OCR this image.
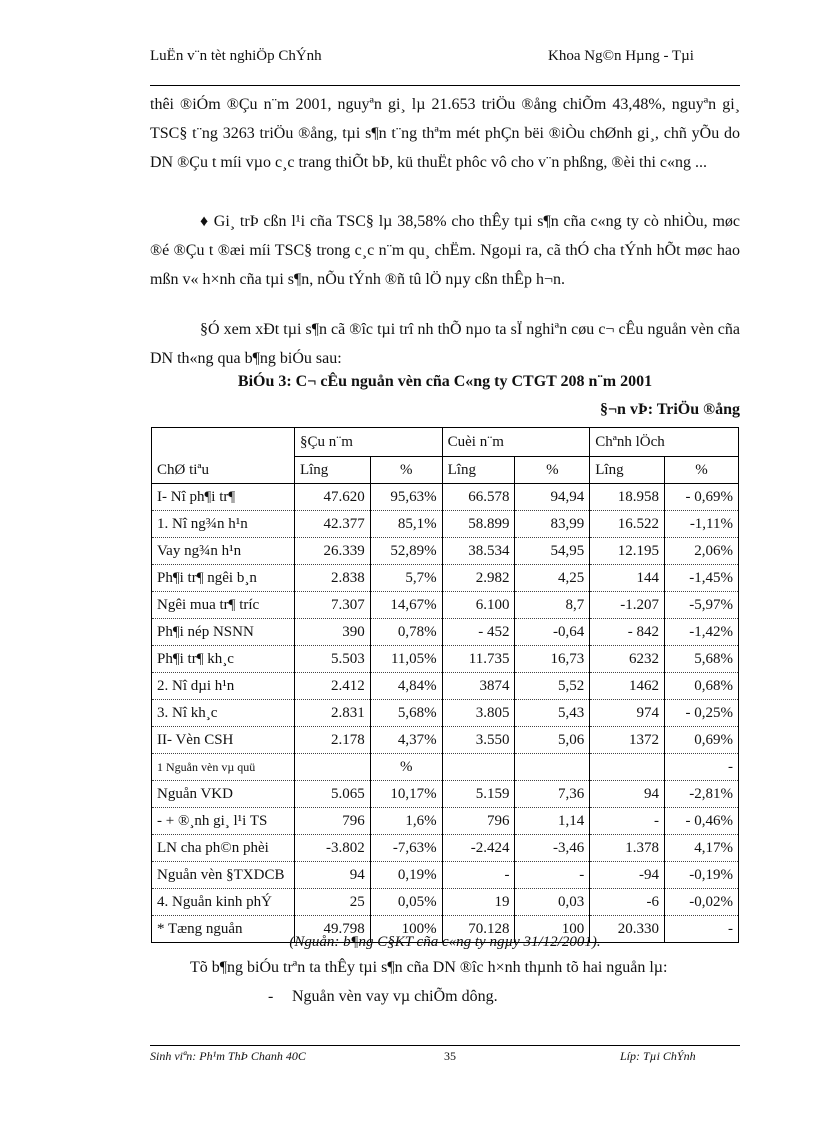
LuËn v¨n tèt nghiÖp ChÝnh	Khoa Ng©n Hµng - Tµi
thêi ®iÓm ®Çu n¨m 2001, nguyªn gi¸ lµ 21.653 triÖu ®ång chiÕm 43,48%, nguyªn gi¸ TSC§ t¨ng 3263 triÖu ®ång, tµi s¶n t¨ng thªm mét phÇn bëi ®iÒu chØnh gi¸, chñ yÕu do DN ®Çu t míi vµo c¸c trang thiÕt bÞ, kü thuËt phôc vô cho v¨n phßng, ®èi thi c«ng ...
♦ Gi¸ trÞ cßn l¹i cña TSC§ lµ 38,58% cho thÊy tµi s¶n cña c«ng ty cò nhiÒu, møc ®é ®Çu t ®æi míi TSC§ trong c¸c n¨m qu¸ chËm. Ngoµi ra, cã thÓ cha tÝnh hÕt møc hao mßn v« h×nh cña tµi s¶n, nÕu tÝnh ®ñ tû lÖ nµy cßn thÊp h¬n.
§Ó xem xÐt tµi s¶n cã ®îc tµi trî nh thÕ nµo ta sÏ nghiªn cøu c¬ cÊu nguån vèn cña DN th«ng qua b¶ng biÓu sau:
BiÓu 3: C¬ cÊu nguån vèn cña C«ng ty CTGT 208 n¨m 2001
§¬n vÞ: TriÖu ®ång
ChØ tiªu	§Çu n¨m		Cuèi n¨m		Chªnh lÖch	
	Lîng	%	Lîng	%	Lîng	%
I- Nî ph¶i tr¶	47.620	95,63%	66.578	94,94	18.958	- 0,69%
1. Nî ng¾n h¹n	42.377	85,1%	58.899	83,99	16.522	-1,11%
Vay ng¾n h¹n	26.339	52,89%	38.534	54,95	12.195	2,06%
Ph¶i tr¶ ngêi b¸n	2.838	5,7%	2.982	4,25	144	-1,45%
Ngêi mua tr¶ tríc	7.307	14,67%	6.100	8,7	-1.207	-5,97%
Ph¶i nép NSNN	390	0,78%	- 452	-0,64	- 842	-1,42%
Ph¶i tr¶ kh¸c	5.503	11,05%	11.735	16,73	6232	5,68%
2. Nî dµi h¹n	2.412	4,84%	3874	5,52	1462	0,68%
3. Nî kh¸c	2.831	5,68%	3.805	5,43	974	- 0,25%
II- Vèn CSH	2.178	4,37%	3.550	5,06	1372	0,69%
1 Nguån vèn vµ quü		%				-
Nguån VKD	5.065	10,17%	5.159	7,36	94	-2,81%
- + ®¸nh gi¸ l¹i TS	796	1,6%	796	1,14	-	- 0,46%
LN cha ph©n phèi	-3.802	-7,63%	-2.424	-3,46	1.378	4,17%
Nguån vèn §TXDCB	94	0,19%	-	-	-94	-0,19%
4. Nguån kinh phÝ	25	0,05%	19	0,03	-6	-0,02%
* Tæng nguån	49.798	100%	70.128	100	20.330	-
(Nguån: b¶ng C§KT cña c«ng ty ngµy 31/12/2001).
Tõ b¶ng biÓu trªn ta thÊy tµi s¶n cña DN ®îc h×nh thµnh tõ hai nguån lµ:
- Nguån vèn vay vµ chiÕm dông.
Sinh viªn: Ph¹m ThÞ Chanh 40C	35	Líp: Tµi ChÝnh
